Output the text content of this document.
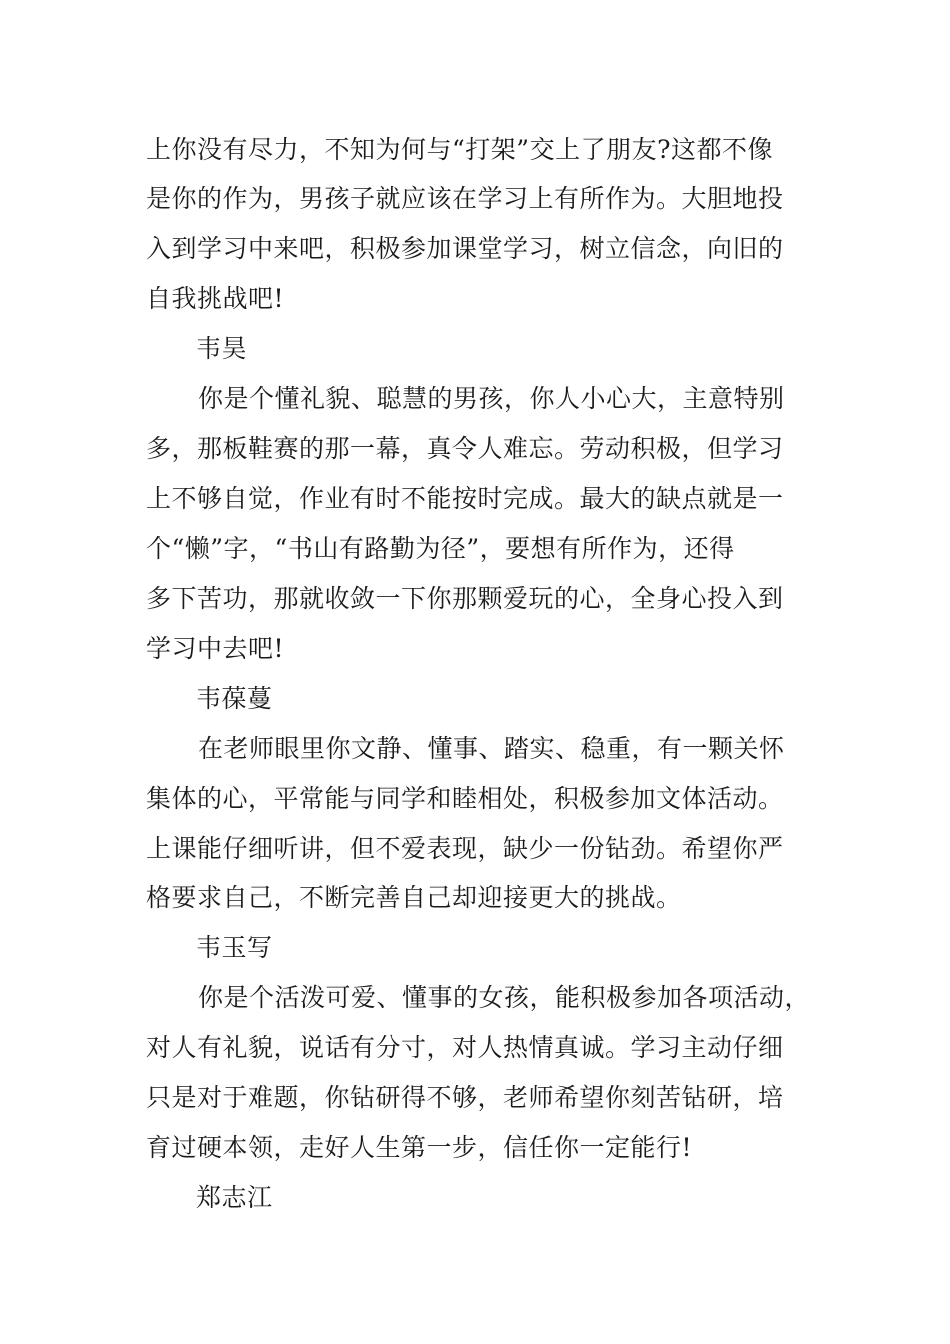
上你没有尽力，不知为何与“打架”交上了朋友?这都不像
是你的作为，男孩子就应该在学习上有所作为。大胆地投
入到学习中来吧，积极参加课堂学习，树立信念，向旧的
自我挑战吧!
韦昊
你是个懂礼貌、聪慧的男孩，你人小心大，主意特别
多，那板鞋赛的那一幕，真令人难忘。劳动积极，但学习
上不够自觉，作业有时不能按时完成。最大的缺点就是一
个“懒”字，“书山有路勤为径”，要想有所作为，还得
多下苦功，那就收敛一下你那颗爱玩的心，全身心投入到
学习中去吧!
韦葆蔓
在老师眼里你文静、懂事、踏实、稳重，有一颗关怀
集体的心，平常能与同学和睦相处，积极参加文体活动。
上课能仔细听讲，但不爱表现，缺少一份钻劲。希望你严
格要求自己，不断完善自己却迎接更大的挑战。
韦玉写
你是个活泼可爱、懂事的女孩，能积极参加各项活动，
对人有礼貌，说话有分寸，对人热情真诚。学习主动仔细
只是对于难题，你钻研得不够，老师希望你刻苦钻研，培
育过硬本领，走好人生第一步，信任你一定能行!
郑志江
